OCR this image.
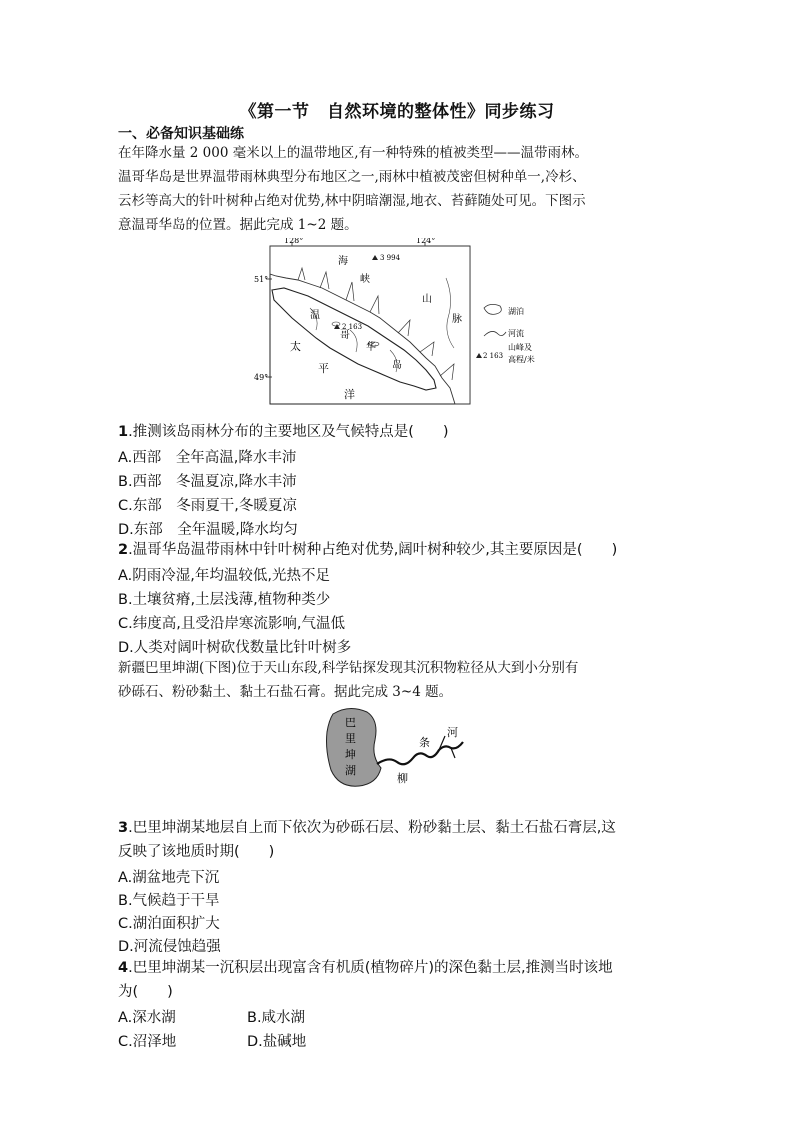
《第一节　自然环境的整体性》同步练习
一、必备知识基础练
在年降水量 2 000 毫米以上的温带地区,有一种特殊的植被类型——温带雨林。
温哥华岛是世界温带雨林典型分布地区之一,雨林中植被茂密但树种单一,冷杉、
云杉等高大的针叶树种占绝对优势,林中阴暗潮湿,地衣、苔藓随处可见。下图示
意温哥华岛的位置。据此完成 1~2 题。
128°	124°
51°
49°
3 994
2 163
海
峡
山
脉
温
哥
华
岛
太
平
洋
湖泊
河流
2 163
山峰及
高程/米
1.推测该岛雨林分布的主要地区及气候特点是(　　)
A.西部　全年高温,降水丰沛
B.西部　冬温夏凉,降水丰沛
C.东部　冬雨夏干,冬暖夏凉
D.东部　全年温暖,降水均匀
2.温哥华岛温带雨林中针叶树种占绝对优势,阔叶树种较少,其主要原因是(　　)
A.阴雨冷湿,年均温较低,光热不足
B.土壤贫瘠,土层浅薄,植物种类少
C.纬度高,且受沿岸寒流影响,气温低
D.人类对阔叶树砍伐数量比针叶树多
新疆巴里坤湖(下图)位于天山东段,科学钻探发现其沉积物粒径从大到小分别有
砂砾石、粉砂黏土、黏土石盐石膏。据此完成 3~4 题。
巴
里
坤
湖
柳
条
河
3.巴里坤湖某地层自上而下依次为砂砾石层、粉砂黏土层、黏土石盐石膏层,这
反映了该地质时期(　　)
A.湖盆地壳下沉
B.气候趋于干旱
C.湖泊面积扩大
D.河流侵蚀趋强
4.巴里坤湖某一沉积层出现富含有机质(植物碎片)的深色黏土层,推测当时该地
为(　　)
A.深水湖	B.咸水湖
C.沼泽地	D.盐碱地
